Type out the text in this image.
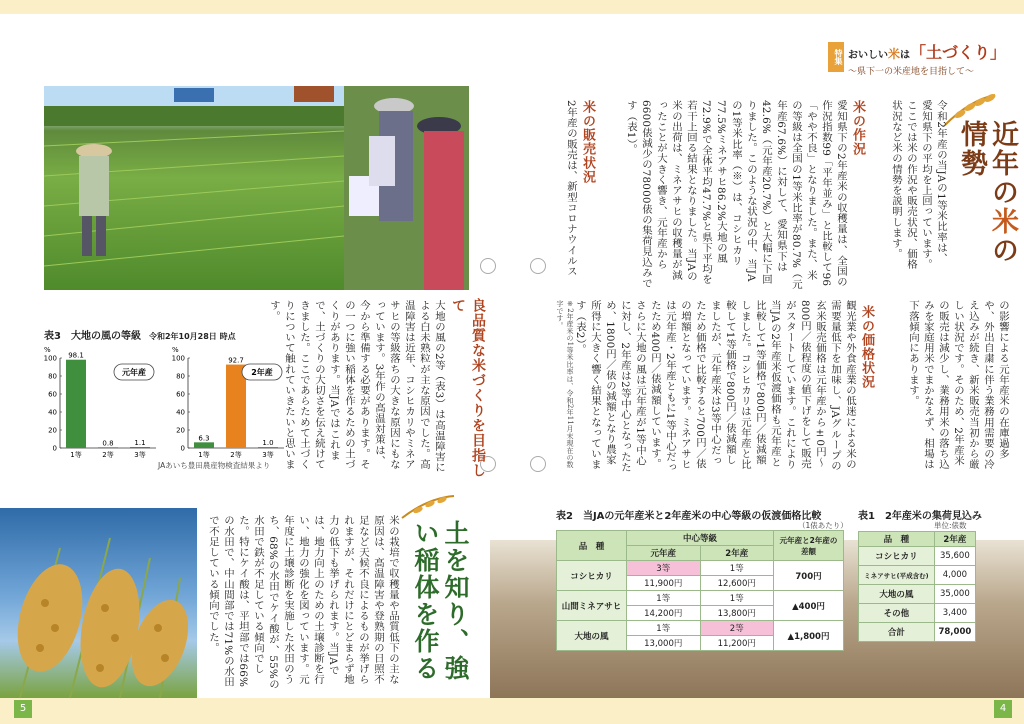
5	4
特集 おいしい米は「土づくり」
〜県下一の米産地を目指して〜
近年の米の情勢
令和2年産の当JAの1等米比率は、愛知県下の平均を上回っています。ここでは米の作況や販売状況、価格状況など米の情勢を説明します。
米の作況
愛知県下の2年産米の収穫量は、全国の作況指数99「平年並み」と比較して96「やや不良」となりました。また、米の等級は全国の1等米比率が80.7%（元年産67.6%）に対して、愛知県下は42.6%（元年産20.7%）と大幅に下回りました。このような状況の中、当JAの1等米比率（※）は、コシヒカリ77.5%ミネアサヒ86.2%大地の風72.9%で全体平均47.7%と県下平均を若干上回る結果となりました。当JAの米の出荷は、ミネアサヒの収穫量が減ったことが大きく響き、元年産から6600俵減少の78000俵の集荷見込みです（表1）。
米の販売状況
2年産の販売は、新型コロナウイルス
の影響による元年産米の在庫過多や、外出自粛に伴う業務用需要の冷え込みが続き、新米販売当初から厳しい状況です。そのため、2年産米の販売は減少し、業務用米の落ち込みを家庭用米でまかなえず、相場は下落傾向にあります。
米の価格状況
観光業や外食産業の低迷による米の需要量低下を加味し、JAグループの玄米販売価格は元年産から±0円〜800円／俵程度の値下げをして販売がスタートしています。これにより当JAの2年産米仮渡価格も元年産と比較して1等価格で800円／俵減額しました。コシヒカリは元年産と比較して1等価格で800円／俵減額しましたが、元年産米は3等中心だったため価格で比較すると700円／俵の増額となっています。ミネアサヒは元年産・2年産ともに1等中心だったため400円／俵減額しています。さらに大地の風は元年産が1等中心に対し、2年産は2等中心となったため、1800円／俵の減額となり農家所得に大きく響く結果となっています（表2）。
※2年産米の1等米比率は、令和2年11月末現在の数字です。
良品質な米づくりを目指して
大地の風の2等（表3）は高温障害による白未熟粒が主な原因でした。高温障害は近年、コシヒカリやミネアサヒの等級落ちの大きな原因にもなっています。3年作の高温対策は、今から準備する必要があります。その一つに強い稲体を作るための土づくりがあります。当JAではこれまで、土づくりの大切さを伝え続けてきました。ここであらためて土づくりについて触れていきたいと思います。
表3　大地の風の等級 令和2年10月28日 時点
%
0
20
40
60
80
100 98.1
1等
0.8
2等
1.1
3等
元年産
%
0
20
40
60
80
100
6.3
1等
92.7
2等
1.0
3等
2年産
JAあいち豊田農産物検査結果より
土を知り、強い稲体を作る
米の栽培で収穫量や品質低下の主な原因は、高温障害や登熟期の日照不足など天候不良によるものが挙げられますが、それだけにとどまらず地力の低下も挙げられます。当JAでは、地力向上のための土壌診断を行い、地力の強化を図っています。元年度に土壌診断を実施した水田のうち、68%の水田でケイ酸が、55%の水田で鉄が不足している傾向でした。特にケイ酸は、平坦部では66%の水田で、中山間部では71%の水田で不足している傾向でした。	表2　当JAの元年産米と2年産米の中心等級の仮渡価格比較
（1俵あたり）
品　種	中心等級		元年産と2年産の差額
	元年産	2年産	
コシヒカリ	3等	1等	700円
	11,900円	12,600円	
山間ミネアサヒ	1等	1等	▲400円
	14,200円	13,800円	
大地の風	1等	2等	▲1,800円
	13,000円	11,200円	
表1　2年産米の集荷見込み
単位:俵数
品　種	2年産
コシヒカリ	35,600
ミネアサヒ(平成含む)	4,000
大地の風	35,000
その他	3,400
合計	78,000
